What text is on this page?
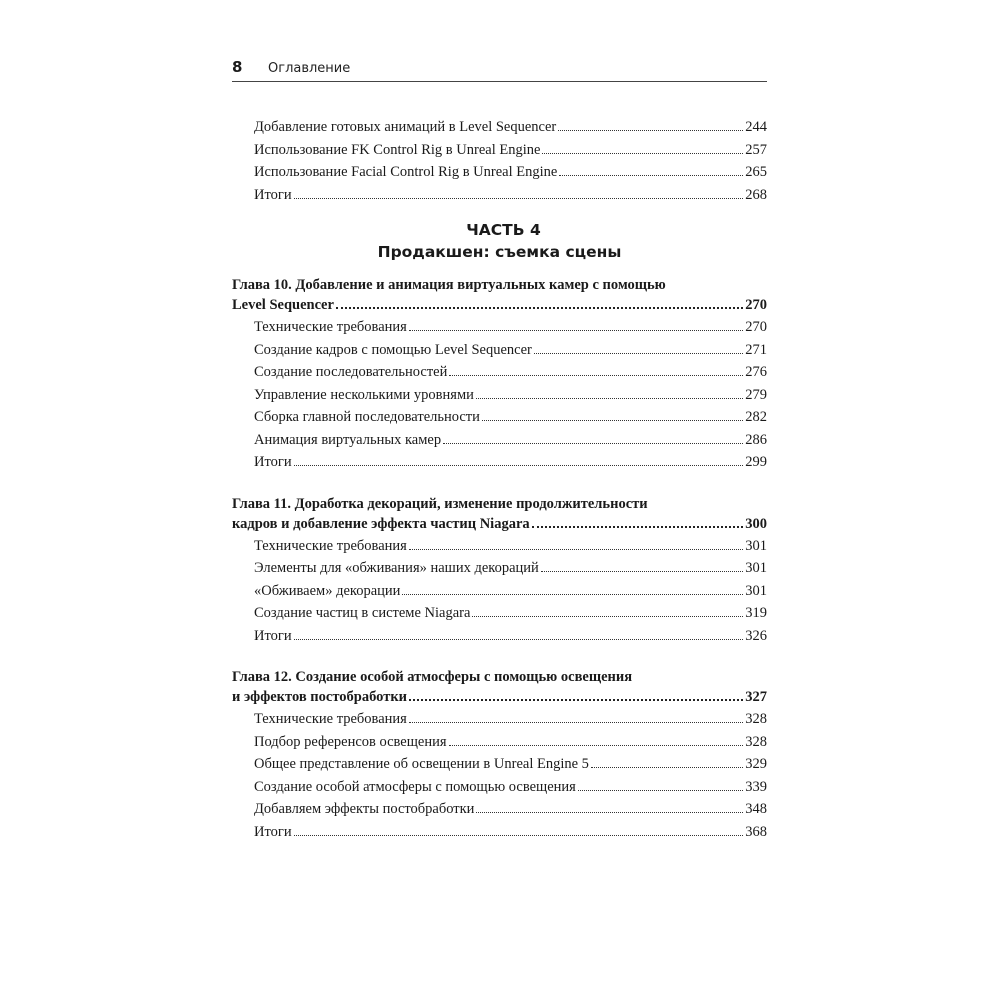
8	Оглавление
Добавление готовых анимаций в Level Sequencer	244
Использование FK Control Rig в Unreal Engine	257
Использование Facial Control Rig в Unreal Engine	265
Итоги	268
ЧАСТЬ 4
Продакшен: съемка сцены
Глава 10. Добавление и анимация виртуальных камер с помощью
Level Sequencer	270
Технические требования	270
Создание кадров с помощью Level Sequencer	271
Создание последовательностей	276
Управление несколькими уровнями	279
Сборка главной последовательности	282
Анимация виртуальных камер	286
Итоги	299
Глава 11. Доработка декораций, изменение продолжительности
кадров и добавление эффекта частиц Niagara	300
Технические требования	301
Элементы для «обживания» наших декораций	301
«Обживаем» декорации	301
Создание частиц в системе Niagara	319
Итоги	326
Глава 12. Создание особой атмосферы с помощью освещения
и эффектов постобработки	327
Технические требования	328
Подбор референсов освещения	328
Общее представление об освещении в Unreal Engine 5	329
Создание особой атмосферы с помощью освещения	339
Добавляем эффекты постобработки	348
Итоги	368
